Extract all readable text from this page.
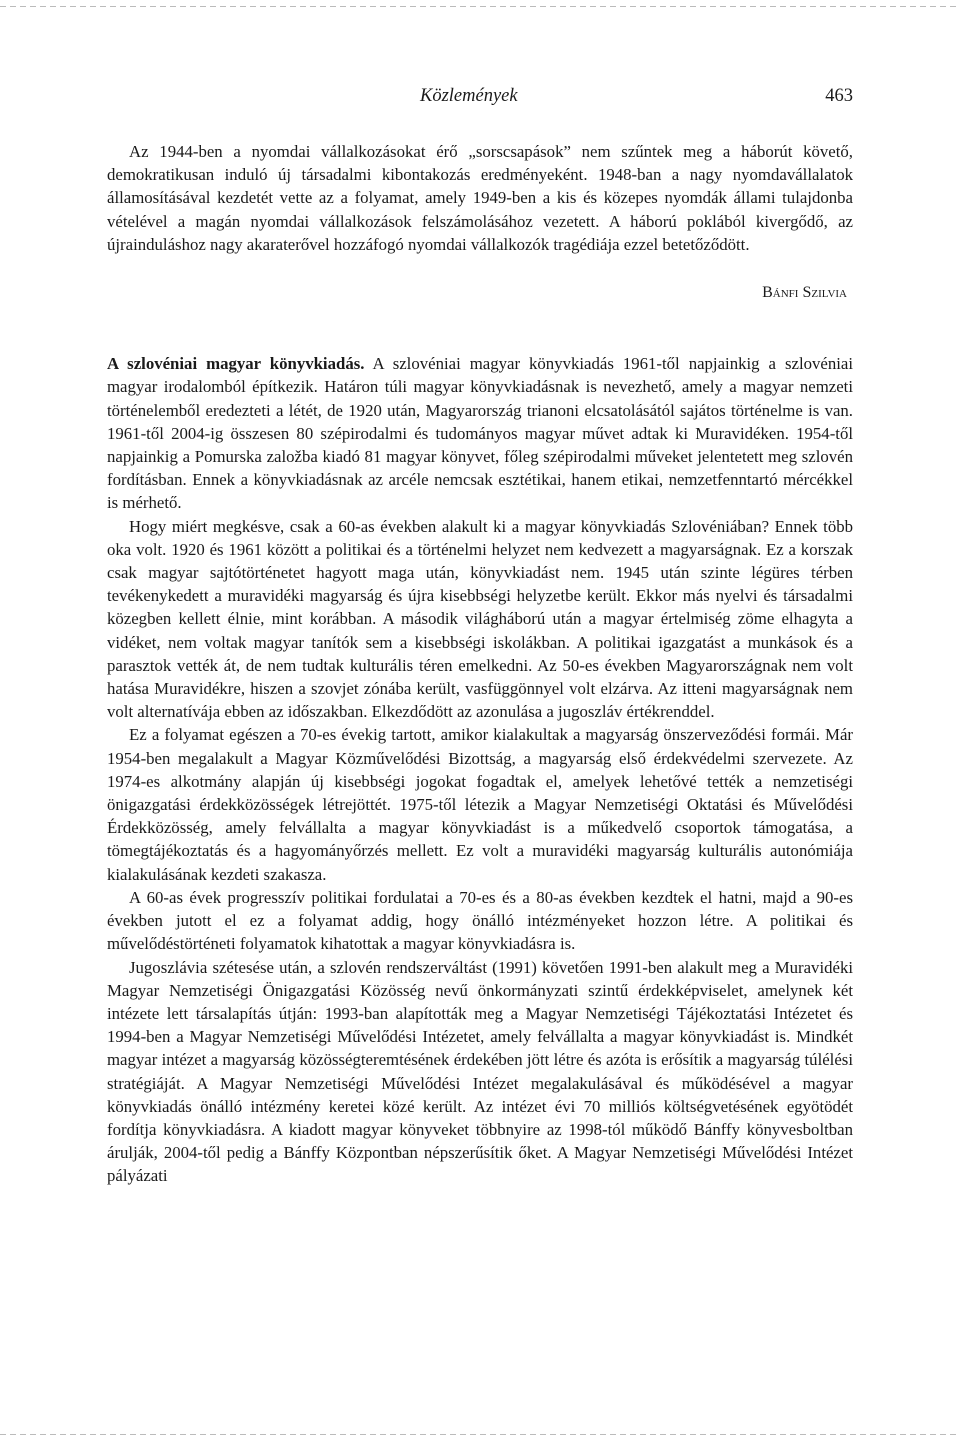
Közlemények	463

Az 1944-ben a nyomdai vállalkozásokat érő „sorscsapások” nem szűntek meg a háborút követő, demokratikusan induló új társadalmi kibontakozás eredményeként. 1948-ban a nagy nyomdavállalatok államosításával kezdetét vette az a folyamat, amely 1949-ben a kis és közepes nyomdák állami tulajdonba vételével a magán nyomdai vállalkozások felszámolásához vezetett. A háború poklából kivergődő, az újrainduláshoz nagy akaraterővel hozzáfogó nyomdai vállalkozók tragédiája ezzel betetőződött.

Bánfi Szilvia

A szlovéniai magyar könyvkiadás. A szlovéniai magyar könyvkiadás 1961-től napjainkig a szlovéniai magyar irodalomból építkezik. Határon túli magyar könyvkiadásnak is nevezhető, amely a magyar nemzeti történelemből eredezteti a létét, de 1920 után, Magyarország trianoni elcsatolásától sajátos történelme is van. 1961-től 2004-ig összesen 80 szépirodalmi és tudományos magyar művet adtak ki Muravidéken. 1954-től napjainkig a Pomurska založba kiadó 81 magyar könyvet, főleg szépirodalmi műveket jelentetett meg szlovén fordításban. Ennek a könyvkiadásnak az arcéle nemcsak esztétikai, hanem etikai, nemzetfenntartó mércékkel is mérhető.

Hogy miért megkésve, csak a 60-as években alakult ki a magyar könyvkiadás Szlovéniában? Ennek több oka volt. 1920 és 1961 között a politikai és a történelmi helyzet nem kedvezett a magyarságnak. Ez a korszak csak magyar sajtótörténetet hagyott maga után, könyvkiadást nem. 1945 után szinte légüres térben tevékenykedett a muravidéki magyarság és újra kisebbségi helyzetbe került. Ekkor más nyelvi és társadalmi közegben kellett élnie, mint korábban. A második világháború után a magyar értelmiség zöme elhagyta a vidéket, nem voltak magyar tanítók sem a kisebbségi iskolákban. A politikai igazgatást a munkások és a parasztok vették át, de nem tudtak kulturális téren emelkedni. Az 50-es években Magyarországnak nem volt hatása Muravidékre, hiszen a szovjet zónába került, vasfüggönnyel volt elzárva. Az itteni magyarságnak nem volt alternatívája ebben az időszakban. Elkezdődött az azonulása a jugoszláv értékrenddel.

Ez a folyamat egészen a 70-es évekig tartott, amikor kialakultak a magyarság önszerveződési formái. Már 1954-ben megalakult a Magyar Közművelődési Bizottság, a magyarság első érdekvédelmi szervezete. Az 1974-es alkotmány alapján új kisebbségi jogokat fogadtak el, amelyek lehetővé tették a nemzetiségi önigazgatási érdekközösségek létrejöttét. 1975-től létezik a Magyar Nemzetiségi Oktatási és Művelődési Érdekközösség, amely felvállalta a magyar könyvkiadást is a műkedvelő csoportok támogatása, a tömegtájékoztatás és a hagyományőrzés mellett. Ez volt a muravidéki magyarság kulturális autonómiája kialakulásának kezdeti szakasza.

A 60-as évek progresszív politikai fordulatai a 70-es és a 80-as években kezdtek el hatni, majd a 90-es években jutott el ez a folyamat addig, hogy önálló intézményeket hozzon létre. A politikai és művelődéstörténeti folyamatok kihatottak a magyar könyvkiadásra is.

Jugoszlávia szétesése után, a szlovén rendszerváltást (1991) követően 1991-ben alakult meg a Muravidéki Magyar Nemzetiségi Önigazgatási Közösség nevű önkormányzati szintű érdekképviselet, amelynek két intézete lett társalapítás útján: 1993-ban alapították meg a Magyar Nemzetiségi Tájékoztatási Intézetet és 1994-ben a Magyar Nemzetiségi Művelődési Intézetet, amely felvállalta a magyar könyvkiadást is. Mindkét magyar intézet a magyarság közösségteremtésének érdekében jött létre és azóta is erősítik a magyarság túlélési stratégiáját. A Magyar Nemzetiségi Művelődési Intézet megalakulásával és működésével a magyar könyvkiadás önálló intézmény keretei közé került. Az intézet évi 70 milliós költségvetésének egyötödét fordítja könyvkiadásra. A kiadott magyar könyveket többnyire az 1998-tól működő Bánffy könyvesboltban árulják, 2004-től pedig a Bánffy Központban népszerűsítik őket. A Magyar Nemzetiségi Művelődési Intézet pályázati
